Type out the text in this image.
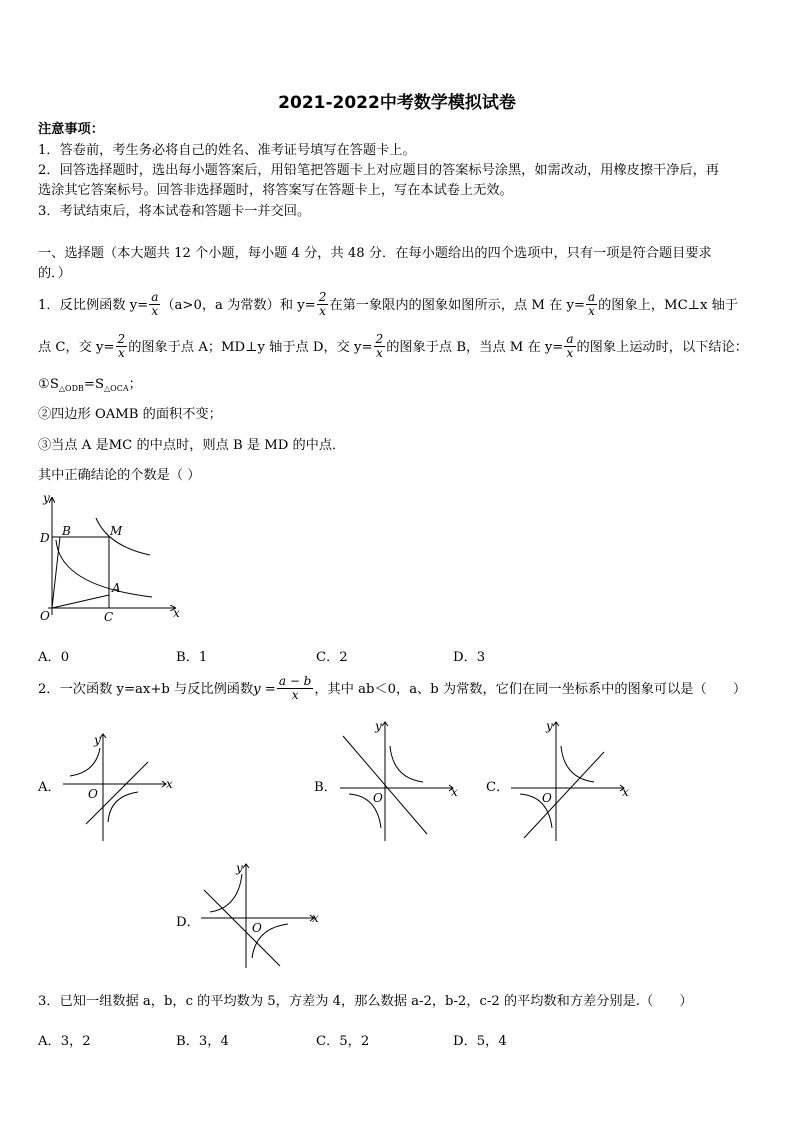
2021-2022中考数学模拟试卷
注意事项：
1．答卷前，考生务必将自己的姓名、准考证号填写在答题卡上。
2．回答选择题时，选出每小题答案后，用铅笔把答题卡上对应题目的答案标号涂黑，如需改动，用橡皮擦干净后，再
选涂其它答案标号。回答非选择题时，将答案写在答题卡上，写在本试卷上无效。
3．考试结束后，将本试卷和答题卡一并交回。
一、选择题（本大题共 12 个小题，每小题 4 分，共 48 分．在每小题给出的四个选项中，只有一项是符合题目要求
的．）
1．反比例函数 $y= \frac{a}{x} (a>0$，a 为常数）和 $y= \frac{2}{x}$ 在第一象限内的图象如图所示，点 M 在 $y= \frac{a}{x}$ 的图象上，MC⊥x 轴于
点 C，交 $y= \frac{2}{x}$ 的图象于点 A；MD⊥y 轴于点 D，交 $y= \frac{2}{x}$ 的图象于点 B，当点 M 在 $y= \frac{a}{x}$ 的图象上运动时，以下结论：
$①S_{\triangle ODB}=S_{\triangle OCA}$；
②四边形 OAMB 的面积不变；
③当点 A 是MC 的中点时，则点 B 是 MD 的中点．
其中正确结论的个数是（ ）
y
x
O
D B	M
A
C
A．0	B．1	C．2	D．3
2．一次函数 y=ax+b 与反比例函数$y = \frac{a - b}{x}$ ，其中 ab＜0，a、b 为常数，它们在同一坐标系中的图象可以是（　　）
A．
y
x
O	B．
y
x
O
C．
y
x
O
D．
y
x
O
3．已知一组数据 a，b，c 的平均数为 5，方差为 4，那么数据 a-2，b-2，c-2 的平均数和方差分别是.（　　）
A．3，2	B．3，4	C．5，2	D．5，4
